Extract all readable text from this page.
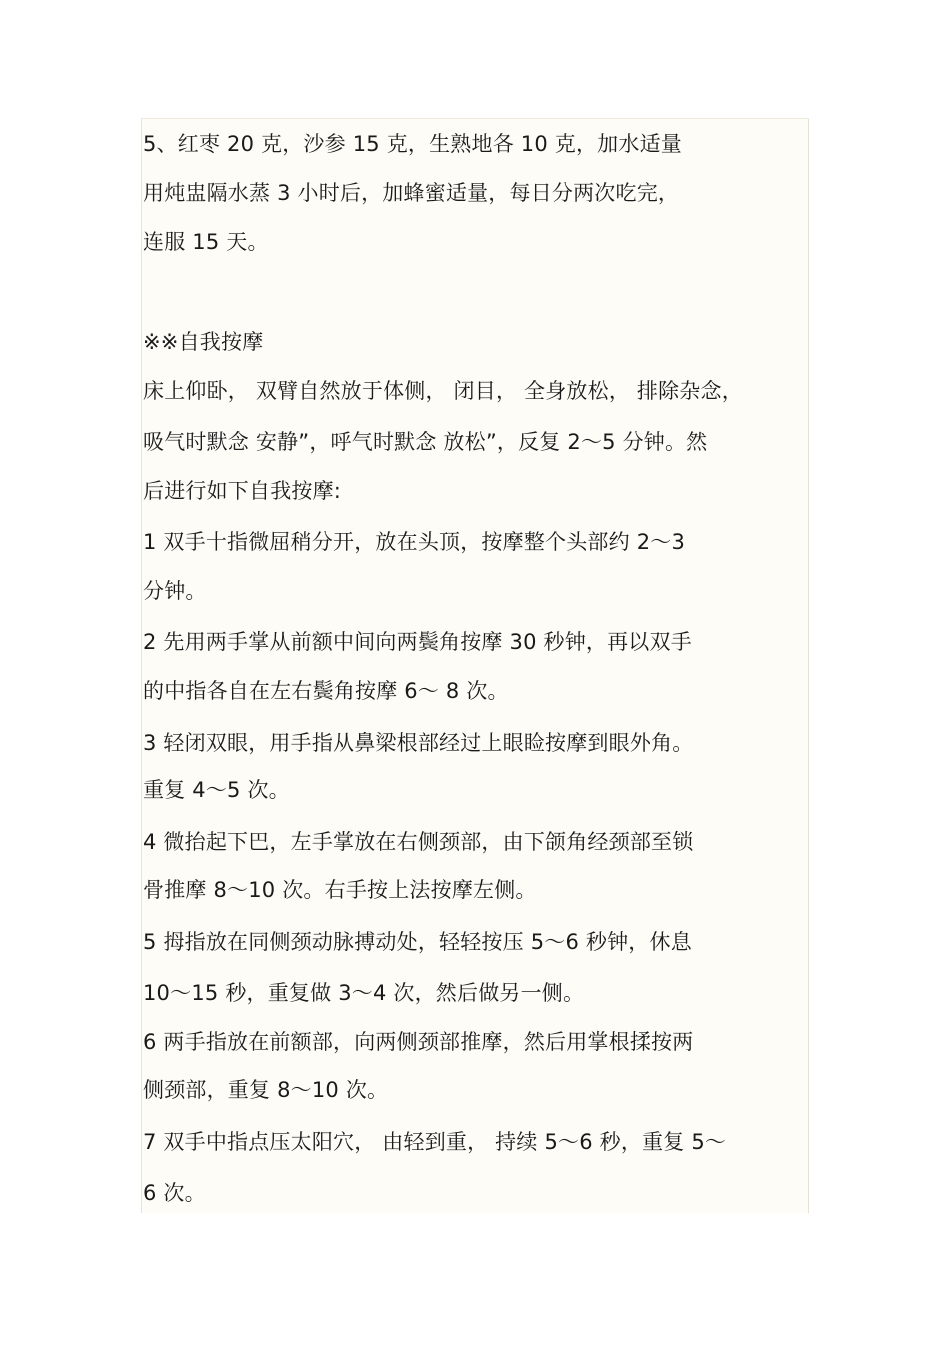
5、红枣 20 克，沙参 15 克，生熟地各 10 克，加水适量
用炖盅隔水蒸 3 小时后，加蜂蜜适量，每日分两次吃完，
连服 15 天。
※※自我按摩
床上仰卧， 双臂自然放于体侧， 闭目， 全身放松， 排除杂念，
吸气时默念 安静”，呼气时默念 放松”，反复 2～5 分钟。然
后进行如下自我按摩:
1 双手十指微屈稍分开，放在头顶，按摩整个头部约 2～3
分钟。
2 先用两手掌从前额中间向两鬓角按摩 30 秒钟，再以双手
的中指各自在左右鬓角按摩 6～ 8 次。
3 轻闭双眼，用手指从鼻梁根部经过上眼睑按摩到眼外角。
重复 4～5 次。
4 微抬起下巴，左手掌放在右侧颈部，由下颌角经颈部至锁
骨推摩 8～10 次。右手按上法按摩左侧。
5 拇指放在同侧颈动脉搏动处，轻轻按压 5～6 秒钟，休息
10～15 秒，重复做 3～4 次，然后做另一侧。
6 两手指放在前额部，向两侧颈部推摩，然后用掌根揉按两
侧颈部，重复 8～10 次。
7 双手中指点压太阳穴， 由轻到重， 持续 5～6 秒，重复 5～
6 次。
